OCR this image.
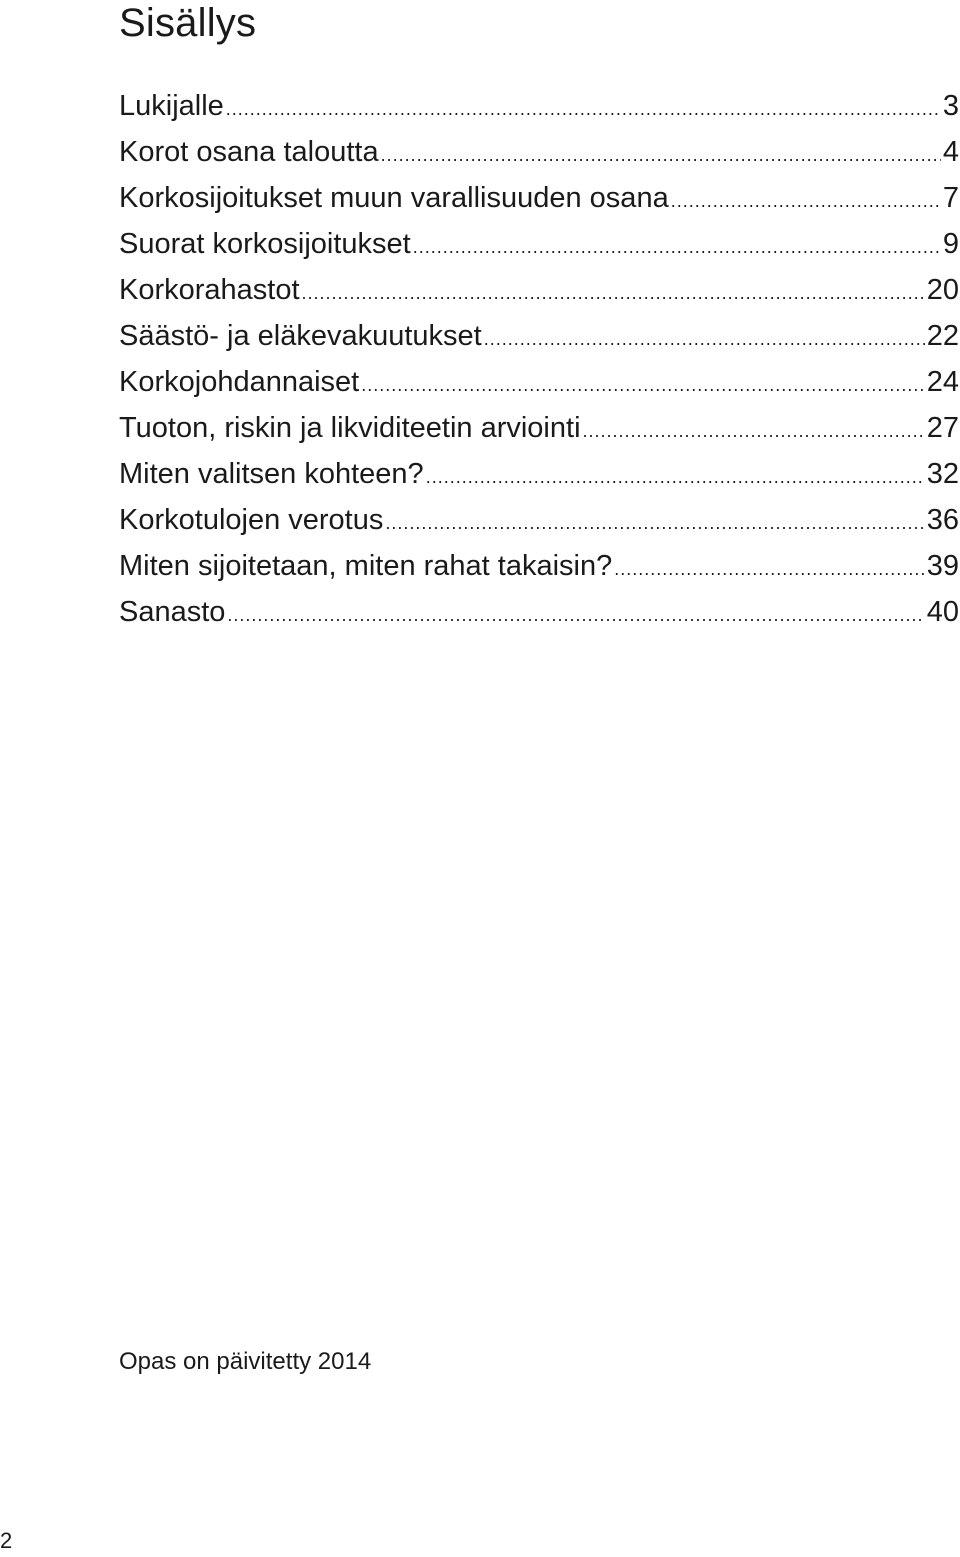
Sisällys
Lukijalle .....	3
Korot osana taloutta .....	4
Korkosijoitukset muun varallisuuden osana .....	7
Suorat korkosijoitukset .....	9
Korkorahastot .....	20
Säästö- ja eläkevakuutukset .....	22
Korkojohdannaiset .....	24
Tuoton, riskin ja likviditeetin arviointi .....	27
Miten valitsen kohteen? .....	32
Korkotulojen verotus .....	36
Miten sijoitetaan, miten rahat takaisin? .....	39
Sanasto .....	40

Opas on päivitetty 2014

2
